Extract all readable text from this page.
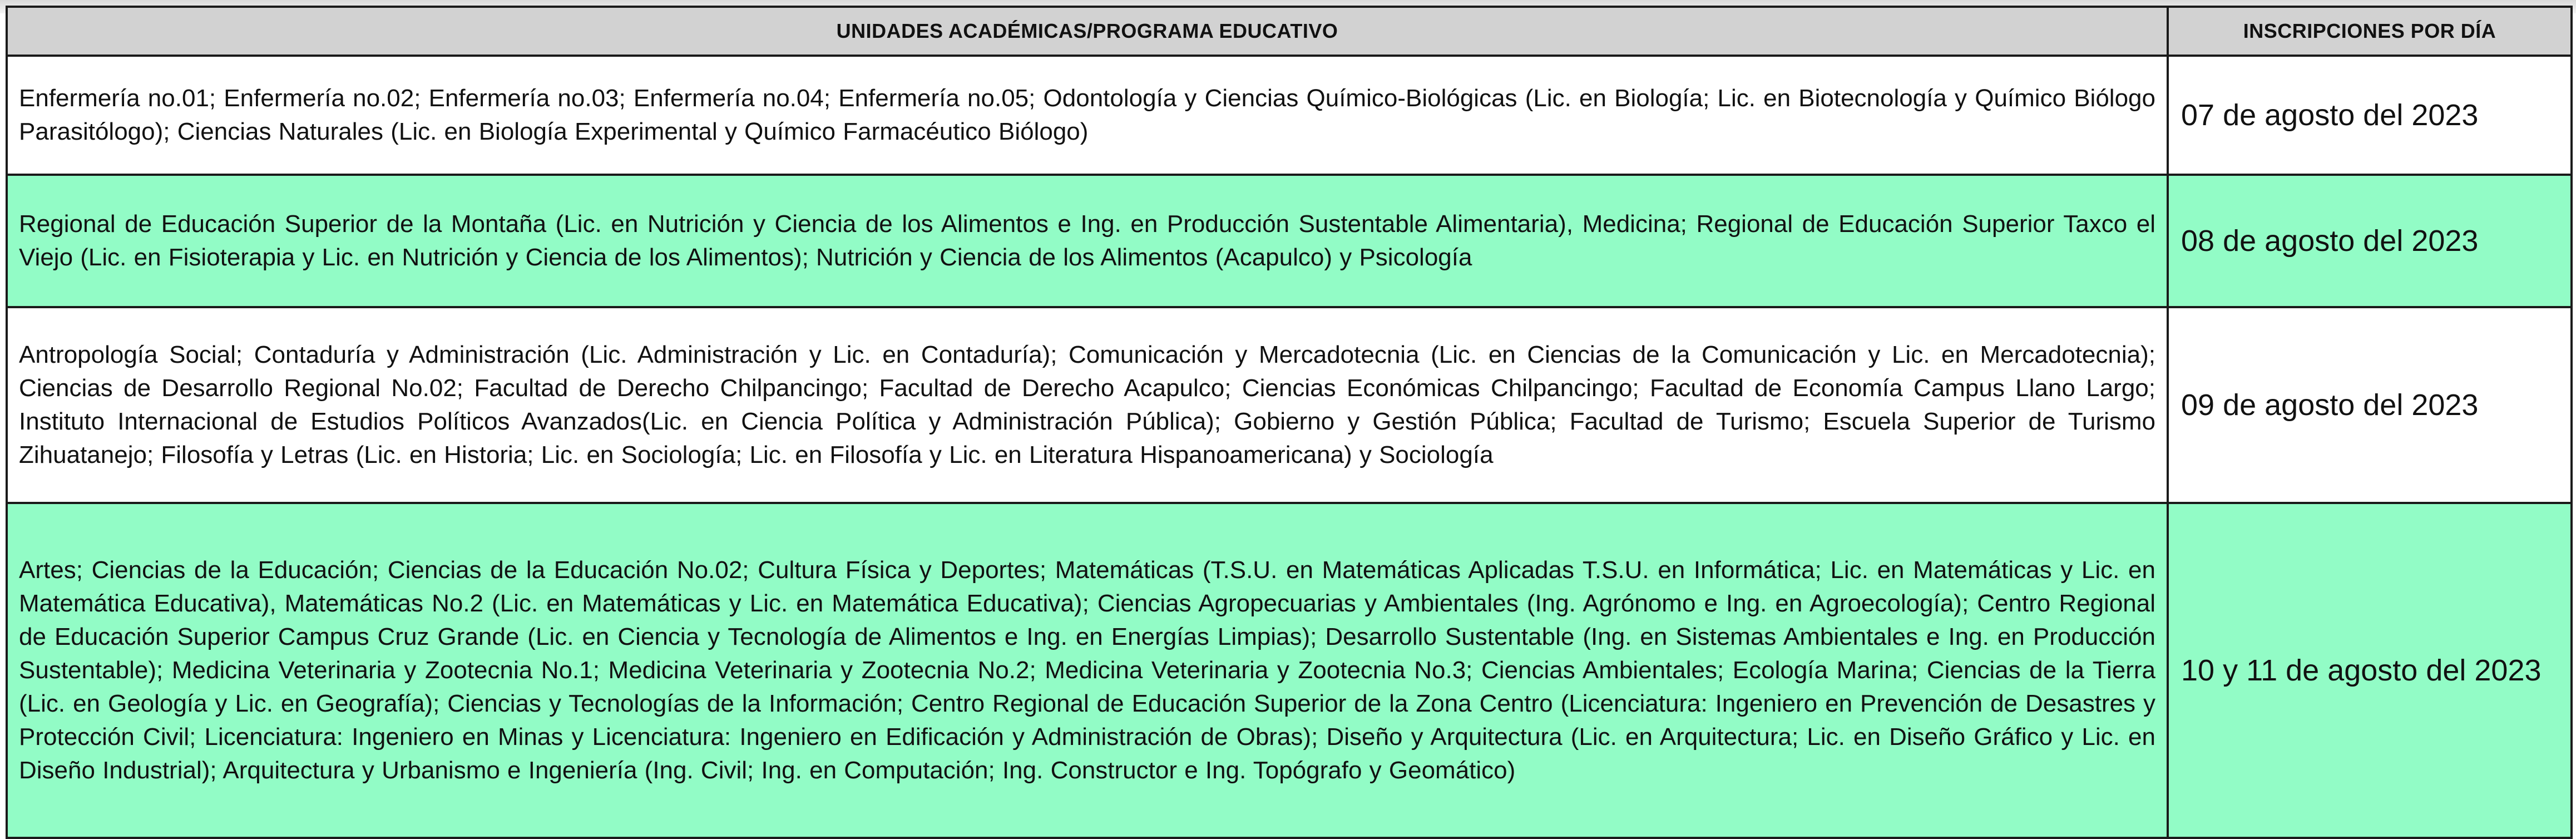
UNIDADES ACADÉMICAS/PROGRAMA EDUCATIVO	INSCRIPCIONES POR DÍA
Enfermería no.01; Enfermería no.02; Enfermería no.03; Enfermería no.04; Enfermería no.05; Odontología y Ciencias Químico-Biológicas (Lic. en Biología; Lic. en Biotecnología y Químico Biólogo Parasitólogo); Ciencias Naturales (Lic. en Biología Experimental y Químico Farmacéutico Biólogo)	07 de agosto del 2023
Regional de Educación Superior de la Montaña (Lic. en Nutrición y Ciencia de los Alimentos e Ing. en Producción Sustentable Alimentaria), Medicina; Regional de Educación Superior Taxco el Viejo (Lic. en Fisioterapia y Lic. en Nutrición y Ciencia de los Alimentos); Nutrición y Ciencia de los Alimentos (Acapulco) y Psicología	08 de agosto del 2023
Antropología Social; Contaduría y Administración (Lic. Administración y Lic. en Contaduría); Comunicación y Mercadotecnia (Lic. en Ciencias de la Comunicación y Lic. en Mercadotecnia); Ciencias de Desarrollo Regional No.02; Facultad de Derecho Chilpancingo; Facultad de Derecho Acapulco; Ciencias Económicas Chilpancingo; Facultad de Economía Campus Llano Largo; Instituto Internacional de Estudios Políticos Avanzados(Lic. en Ciencia Política y Administración Pública); Gobierno y Gestión Pública; Facultad de Turismo; Escuela Superior de Turismo Zihuatanejo; Filosofía y Letras (Lic. en Historia; Lic. en Sociología; Lic. en Filosofía y Lic. en Literatura Hispanoamericana) y Sociología	09 de agosto del 2023
Artes; Ciencias de la Educación; Ciencias de la Educación No.02; Cultura Física y Deportes; Matemáticas (T.S.U. en Matemáticas Aplicadas T.S.U. en Informática; Lic. en Matemáticas y Lic. en Matemática Educativa), Matemáticas No.2 (Lic. en Matemáticas y Lic. en Matemática Educativa); Ciencias Agropecuarias y Ambientales (Ing. Agrónomo e Ing. en Agroecología); Centro Regional de Educación Superior Campus Cruz Grande (Lic. en Ciencia y Tecnología de Alimentos e Ing. en Energías Limpias); Desarrollo Sustentable (Ing. en Sistemas Ambientales e Ing. en Producción Sustentable); Medicina Veterinaria y Zootecnia No.1; Medicina Veterinaria y Zootecnia No.2; Medicina Veterinaria y Zootecnia No.3; Ciencias Ambientales; Ecología Marina; Ciencias de la Tierra (Lic. en Geología y Lic. en Geografía); Ciencias y Tecnologías de la Información; Centro Regional de Educación Superior de la Zona Centro (Licenciatura: Ingeniero en Prevención de Desastres y Protección Civil; Licenciatura: Ingeniero en Minas y Licenciatura: Ingeniero en Edificación y Administración de Obras); Diseño y Arquitectura (Lic. en Arquitectura; Lic. en Diseño Gráfico y Lic. en Diseño Industrial); Arquitectura y Urbanismo e Ingeniería (Ing. Civil; Ing. en Computación; Ing. Constructor e Ing. Topógrafo y Geomático)	10 y 11 de agosto del 2023
